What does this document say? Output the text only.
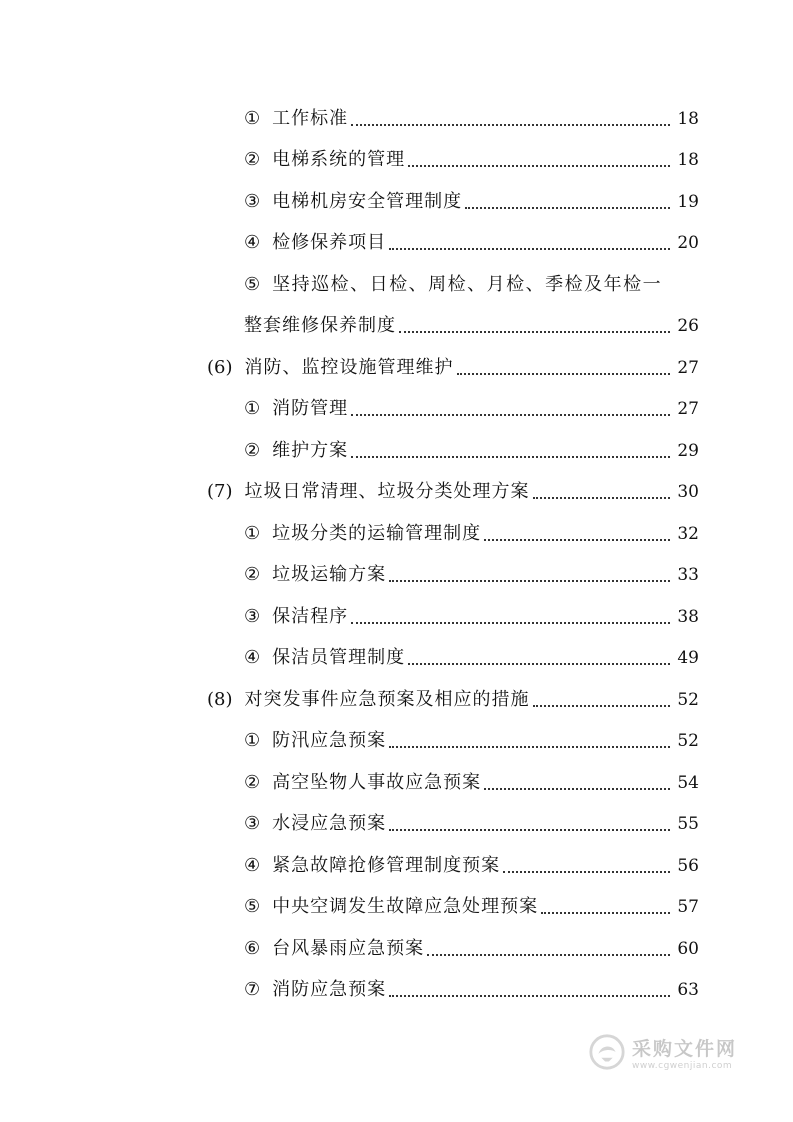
① 工作标准	18
② 电梯系统的管理	18
③ 电梯机房安全管理制度	19
④ 检修保养项目	20
⑤ 坚持巡检、日检、周检、月检、季检及年检一
整套维修保养制度	26
(6) 消防、监控设施管理维护	27
① 消防管理	27
② 维护方案	29
(7) 垃圾日常清理、垃圾分类处理方案	30
① 垃圾分类的运输管理制度	32
② 垃圾运输方案	33
③ 保洁程序	38
④ 保洁员管理制度	49
(8) 对突发事件应急预案及相应的措施	52
① 防汛应急预案	52
② 高空坠物人事故应急预案	54
③ 水浸应急预案	55
④ 紧急故障抢修管理制度预案	56
⑤ 中央空调发生故障应急处理预案	57
⑥ 台风暴雨应急预案	60
⑦ 消防应急预案	63
采购文件网
www.cgwenjian.com
